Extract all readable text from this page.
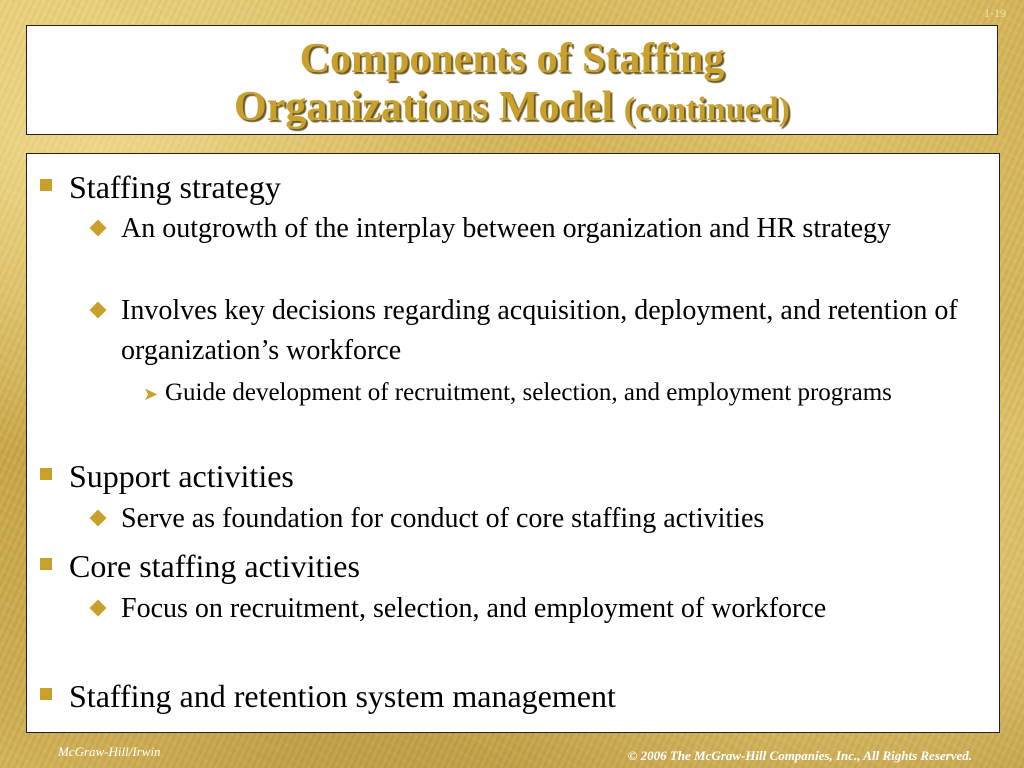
1-19
Components of Staffing
Organizations Model (continued)
Staffing strategy
An outgrowth of the interplay between organization and HR strategy
Involves key decisions regarding acquisition, deployment, and retention of organization’s workforce
➤ Guide development of recruitment, selection, and employment programs
Support activities
Serve as foundation for conduct of core staffing activities
Core staffing activities
Focus on recruitment, selection, and employment of workforce
Staffing and retention system management
McGraw-Hill/Irwin	© 2006 The McGraw-Hill Companies, Inc., All Rights Reserved.
